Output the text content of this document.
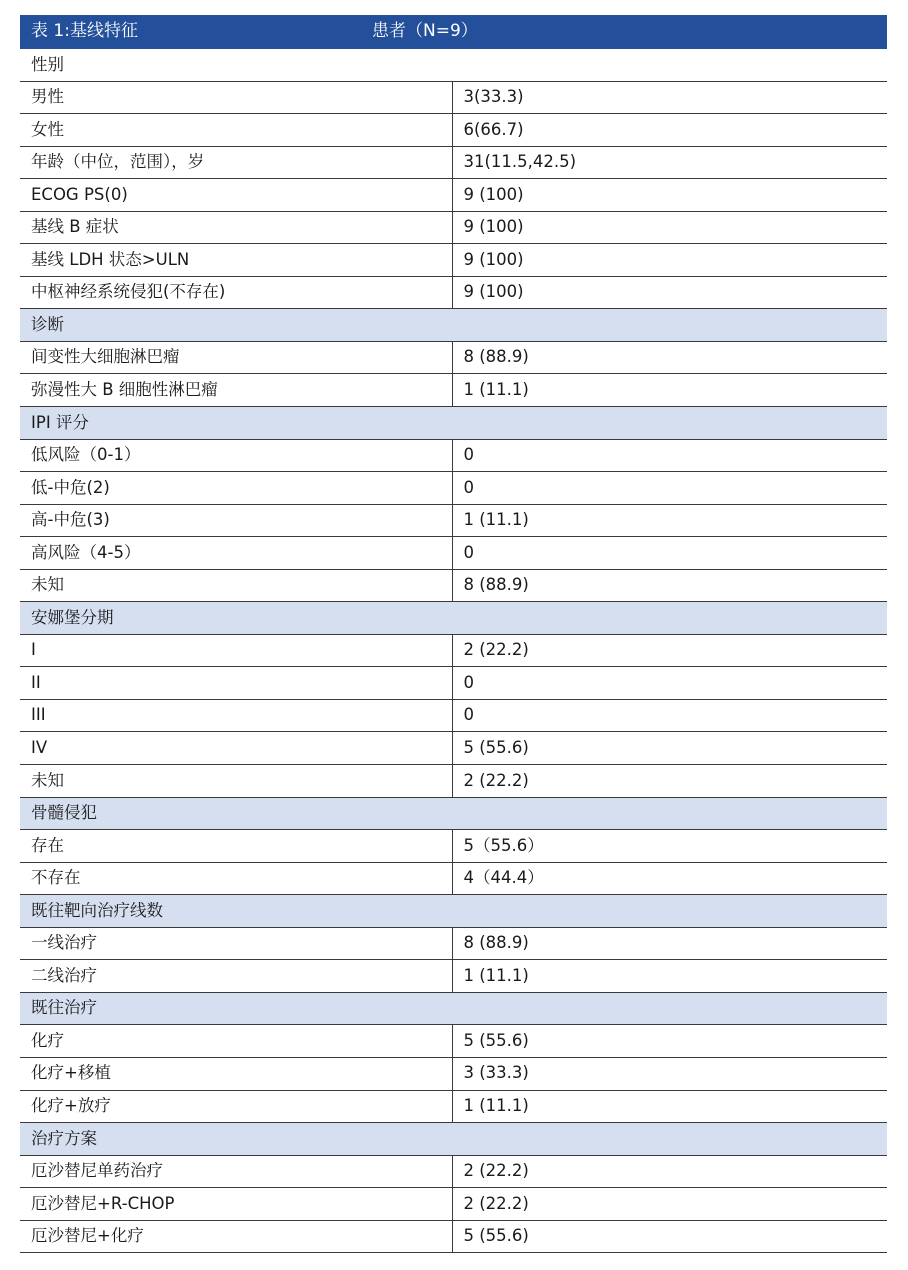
表 1:基线特征	患者（N=9）
性别	
男性	3(33.3)
女性	6(66.7)
年龄（中位，范围），岁	31(11.5,42.5)
ECOG PS(0)	9 (100)
基线 B 症状	9 (100)
基线 LDH 状态>ULN	9 (100)
中枢神经系统侵犯(不存在)	9 (100)
诊断	
间变性大细胞淋巴瘤	8 (88.9)
弥漫性大 B 细胞性淋巴瘤	1 (11.1)
IPI 评分	
低风险（0-1）	0
低-中危(2)	0
高-中危(3)	1 (11.1)
高风险（4-5）	0
未知	8 (88.9)
安娜堡分期	
I	2 (22.2)
II	0
III	0
IV	5 (55.6)
未知	2 (22.2)
骨髓侵犯	
存在	5（55.6）
不存在	4（44.4）
既往靶向治疗线数	
一线治疗	8 (88.9)
二线治疗	1 (11.1)
既往治疗	
化疗	5 (55.6)
化疗+移植	3 (33.3)
化疗+放疗	1 (11.1)
治疗方案	
厄沙替尼单药治疗	2 (22.2)
厄沙替尼+R-CHOP	2 (22.2)
厄沙替尼+化疗	5 (55.6)
